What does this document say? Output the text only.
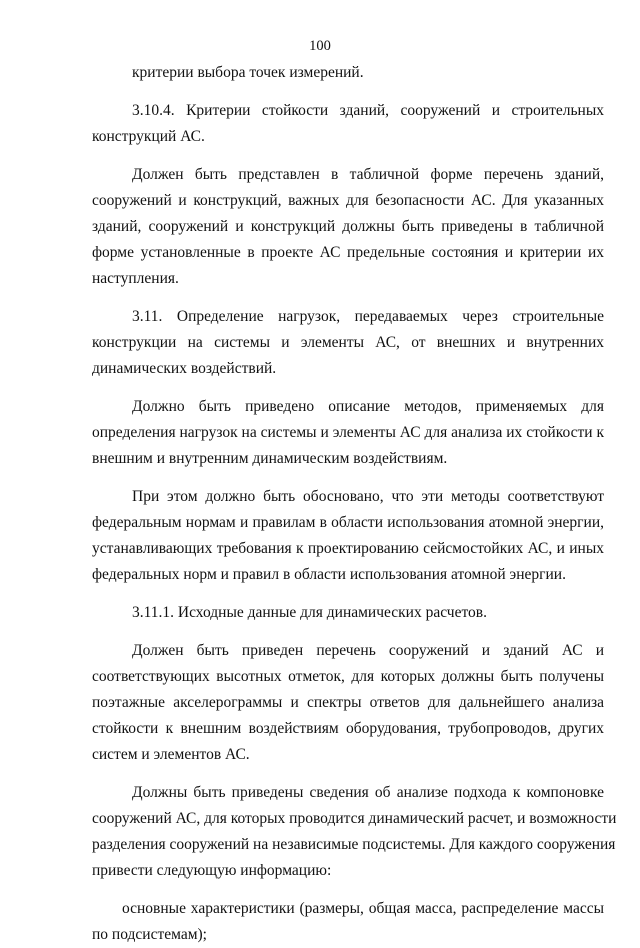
100
критерии выбора точек измерений.
3.10.4. Критерии стойкости зданий, сооружений и строительных
конструкций АС.
Должен быть представлен в табличной форме перечень зданий,
сооружений и конструкций, важных для безопасности АС. Для указанных
зданий, сооружений и конструкций должны быть приведены в табличной
форме установленные в проекте АС предельные состояния и критерии их
наступления.
3.11. Определение нагрузок, передаваемых через строительные
конструкции на системы и элементы АС, от внешних и внутренних
динамических воздействий.
Должно быть приведено описание методов, применяемых для
определения нагрузок на системы и элементы АС для анализа их стойкости к
внешним и внутренним динамическим воздействиям.
При этом должно быть обосновано, что эти методы соответствуют
федеральным нормам и правилам в области использования атомной энергии,
устанавливающих требования к проектированию сейсмостойких АС, и иных
федеральных норм и правил в области использования атомной энергии.
3.11.1. Исходные данные для динамических расчетов.
Должен быть приведен перечень сооружений и зданий АС и
соответствующих высотных отметок, для которых должны быть получены
поэтажные акселерограммы и спектры ответов для дальнейшего анализа
стойкости к внешним воздействиям оборудования, трубопроводов, других
систем и элементов АС.
Должны быть приведены сведения об анализе подхода к компоновке
сооружений АС, для которых проводится динамический расчет, и возможности
разделения сооружений на независимые подсистемы. Для каждого сооружения
привести следующую информацию:
основные характеристики (размеры, общая масса, распределение массы
по подсистемам);
